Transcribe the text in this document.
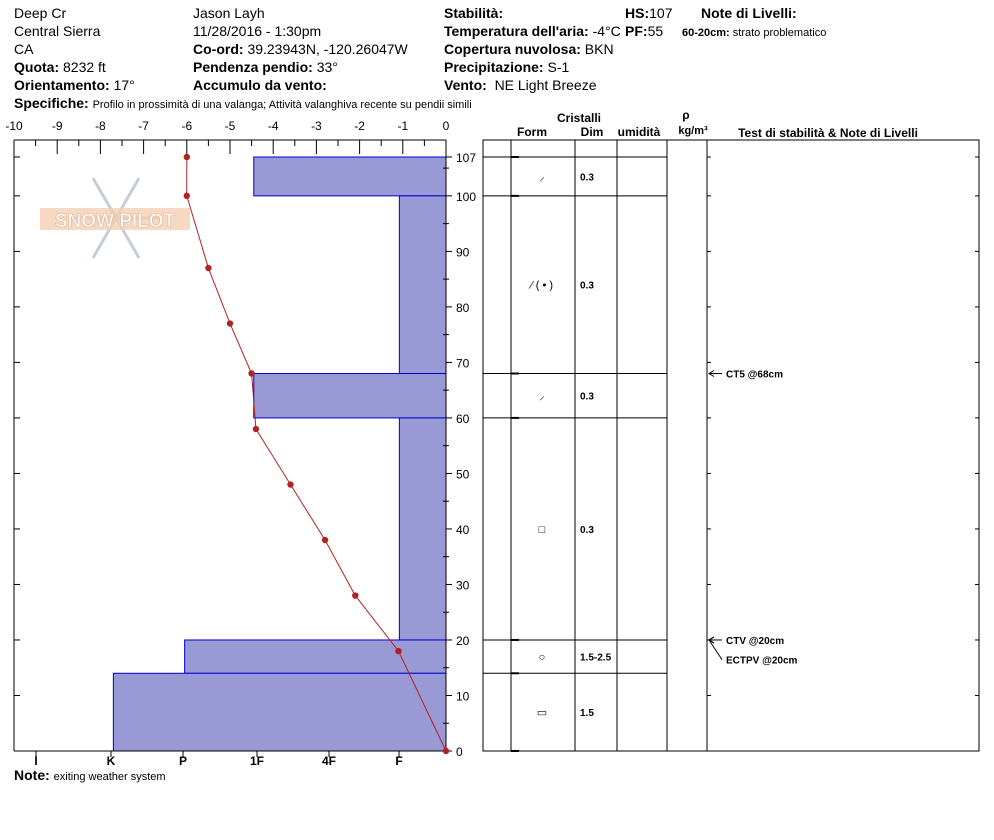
Deep Cr
Central Sierra
CA
Quota: 8232 ft
Orientamento: 17°
Jason Layh
11/28/2016 - 1:30pm
Co-ord: 39.23943N, -120.26047W
Pendenza pendio: 33°
Accumulo da vento:
Stabilità:
Temperatura dell'aria: -4°C
Copertura nuvolosa: BKN
Precipitazione: S-1
Vento: NE Light Breeze
HS:107
PF:55
Note di Livelli:
60-20cm: strato problematico
Specifiche: Profilo in prossimità di una valanga; Attività valanghiva recente su pendii simili
Note: exiting weather system
SNOW PILOT
-10 -9	-8	-7	-6	-5	-4	-3	-2	-1	0
0
10
20
30
40
50
60
70
80
90
100
107
I	K	P	1F	4F	F
Cristalli
Form	Dim umidità
ρ
kg/m³	Test di stabilità & Note di Livelli
⸝	0.3
⁄ ( • )	0.3
⸝	0.3
□	0.3
○	1.5-2.5
▭	1.5
CT5 @68cm
CTV @20cm
ECTPV @20cm
